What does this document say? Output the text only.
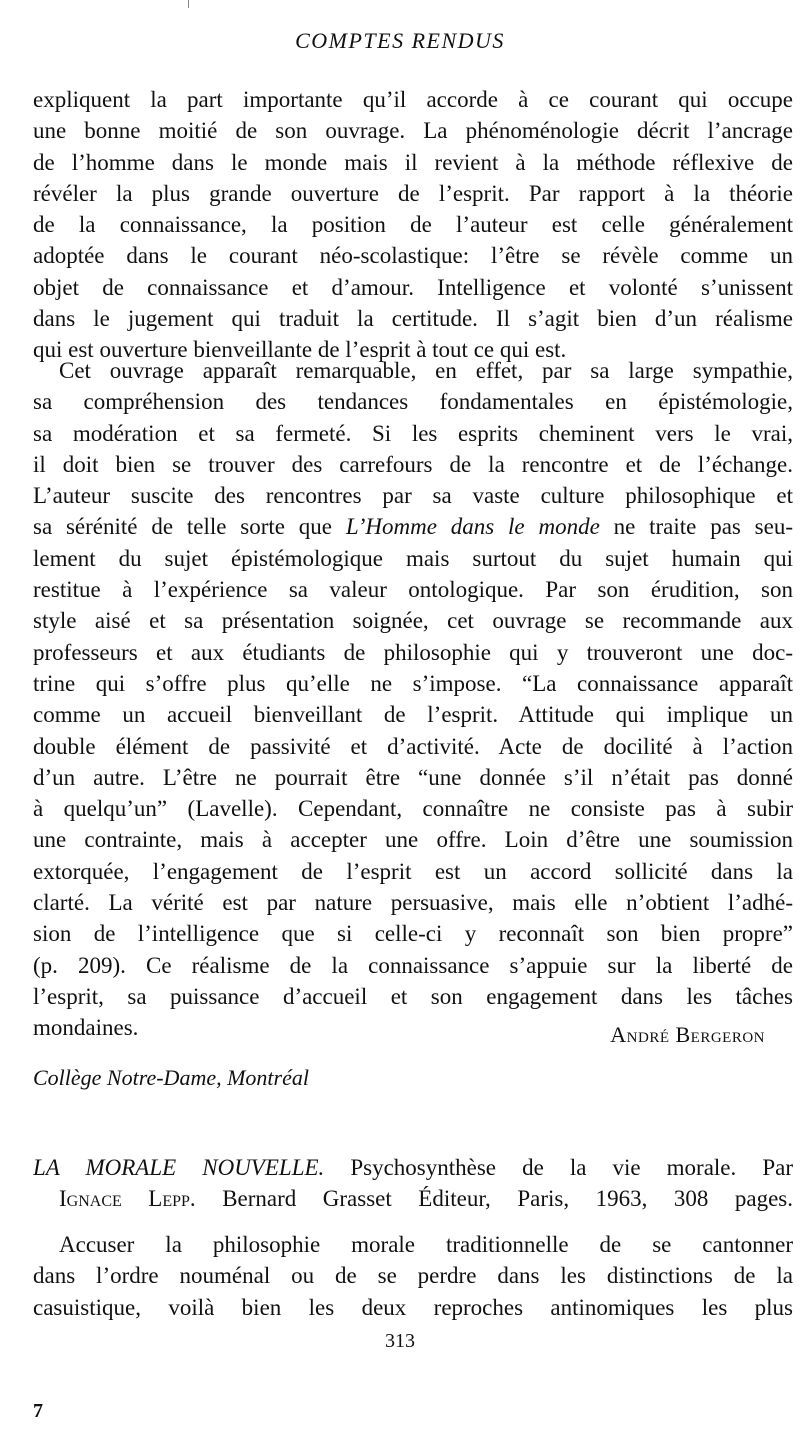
COMPTES RENDUS
expliquent la part importante qu’il accorde à ce courant qui occupe
une bonne moitié de son ouvrage. La phénoménologie décrit l’ancrage
de l’homme dans le monde mais il revient à la méthode réflexive de
révéler la plus grande ouverture de l’esprit. Par rapport à la théorie
de la connaissance, la position de l’auteur est celle généralement
adoptée dans le courant néo-scolastique: l’être se révèle comme un
objet de connaissance et d’amour. Intelligence et volonté s’unissent
dans le jugement qui traduit la certitude. Il s’agit bien d’un réalisme
qui est ouverture bienveillante de l’esprit à tout ce qui est.
Cet ouvrage apparaît remarquable, en effet, par sa large sympathie,
sa compréhension des tendances fondamentales en épistémologie,
sa modération et sa fermeté. Si les esprits cheminent vers le vrai,
il doit bien se trouver des carrefours de la rencontre et de l’échange.
L’auteur suscite des rencontres par sa vaste culture philosophique et
sa sérénité de telle sorte que L’Homme dans le monde ne traite pas seu-
lement du sujet épistémologique mais surtout du sujet humain qui
restitue à l’expérience sa valeur ontologique. Par son érudition, son
style aisé et sa présentation soignée, cet ouvrage se recommande aux
professeurs et aux étudiants de philosophie qui y trouveront une doc-
trine qui s’offre plus qu’elle ne s’impose. “La connaissance apparaît
comme un accueil bienveillant de l’esprit. Attitude qui implique un
double élément de passivité et d’activité. Acte de docilité à l’action
d’un autre. L’être ne pourrait être “une donnée s’il n’était pas donné
à quelqu’un” (Lavelle). Cependant, connaître ne consiste pas à subir
une contrainte, mais à accepter une offre. Loin d’être une soumission
extorquée, l’engagement de l’esprit est un accord sollicité dans la
clarté. La vérité est par nature persuasive, mais elle n’obtient l’adhé-
sion de l’intelligence que si celle-ci y reconnaît son bien propre”
(p. 209). Ce réalisme de la connaissance s’appuie sur la liberté de
l’esprit, sa puissance d’accueil et son engagement dans les tâches
mondaines.	André Bergeron
Collège Notre-Dame, Montréal
LA MORALE NOUVELLE. Psychosynthèse de la vie morale. Par
Ignace Lepp. Bernard Grasset Éditeur, Paris, 1963, 308 pages.
Accuser la philosophie morale traditionnelle de se cantonner
dans l’ordre nouménal ou de se perdre dans les distinctions de la
casuistique, voilà bien les deux reproches antinomiques les plus
313
7
